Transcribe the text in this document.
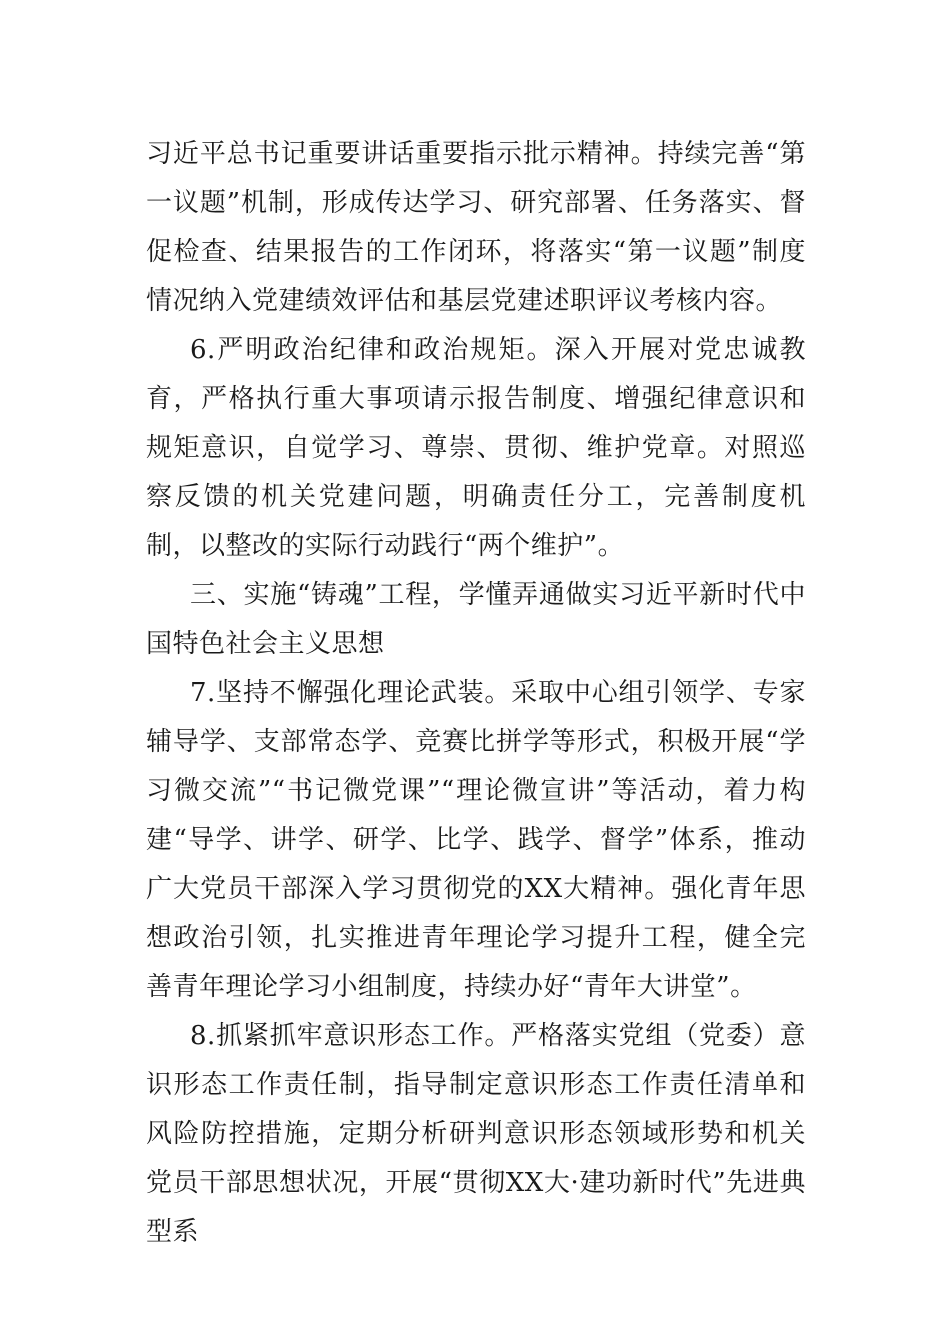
习近平总书记重要讲话重要指示批示精神。持续完善“第一议题”机制，形成传达学习、研究部署、任务落实、督促检查、结果报告的工作闭环，将落实“第一议题”制度情况纳入党建绩效评估和基层党建述职评议考核内容。

6.严明政治纪律和政治规矩。深入开展对党忠诚教育，严格执行重大事项请示报告制度、增强纪律意识和规矩意识，自觉学习、尊崇、贯彻、维护党章。对照巡察反馈的机关党建问题，明确责任分工，完善制度机制，以整改的实际行动践行“两个维护”。

三、实施“铸魂”工程，学懂弄通做实习近平新时代中国特色社会主义思想

7.坚持不懈强化理论武装。采取中心组引领学、专家辅导学、支部常态学、竞赛比拼学等形式，积极开展“学习微交流”“书记微党课”“理论微宣讲”等活动，着力构建“导学、讲学、研学、比学、践学、督学”体系，推动广大党员干部深入学习贯彻党的XX大精神。强化青年思想政治引领，扎实推进青年理论学习提升工程，健全完善青年理论学习小组制度，持续办好“青年大讲堂”。

8.抓紧抓牢意识形态工作。严格落实党组（党委）意识形态工作责任制，指导制定意识形态工作责任清单和风险防控措施，定期分析研判意识形态领域形势和机关党员干部思想状况，开展“贯彻XX大·建功新时代”先进典型系
